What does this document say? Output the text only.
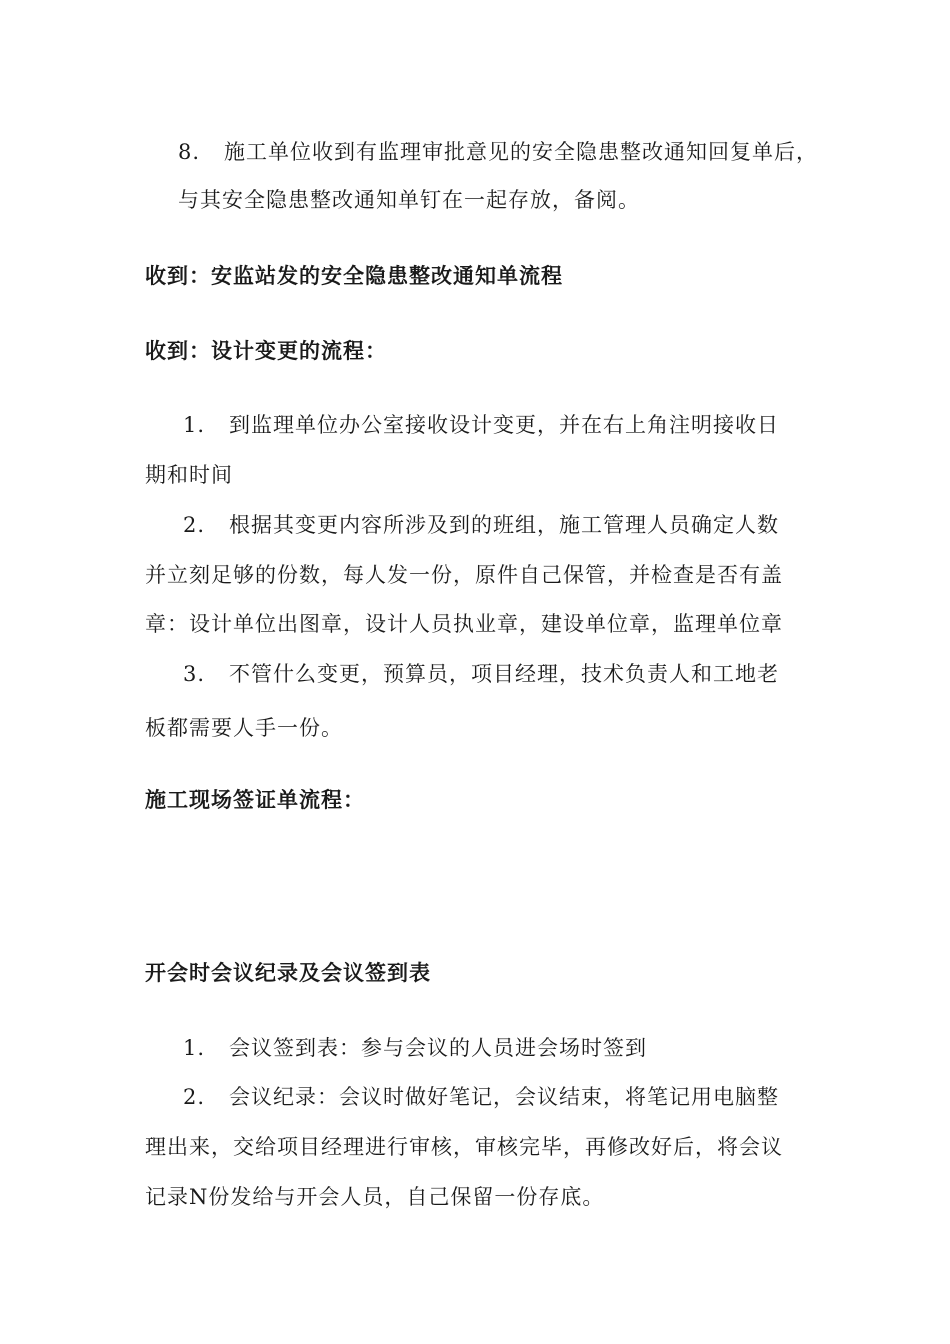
8. 施工单位收到有监理审批意见的安全隐患整改通知回复单后，
与其安全隐患整改通知单钉在一起存放，备阅。
收到：安监站发的安全隐患整改通知单流程
收到：设计变更的流程：
1. 到监理单位办公室接收设计变更，并在右上角注明接收日
期和时间
2. 根据其变更内容所涉及到的班组，施工管理人员确定人数
并立刻足够的份数，每人发一份，原件自己保管，并检查是否有盖
章：设计单位出图章，设计人员执业章，建设单位章，监理单位章
3. 不管什么变更，预算员，项目经理，技术负责人和工地老
板都需要人手一份。
施工现场签证单流程：
开会时会议纪录及会议签到表
1. 会议签到表：参与会议的人员进会场时签到
2. 会议纪录：会议时做好笔记，会议结束，将笔记用电脑整
理出来，交给项目经理进行审核，审核完毕，再修改好后，将会议
记录N份发给与开会人员，自己保留一份存底。
